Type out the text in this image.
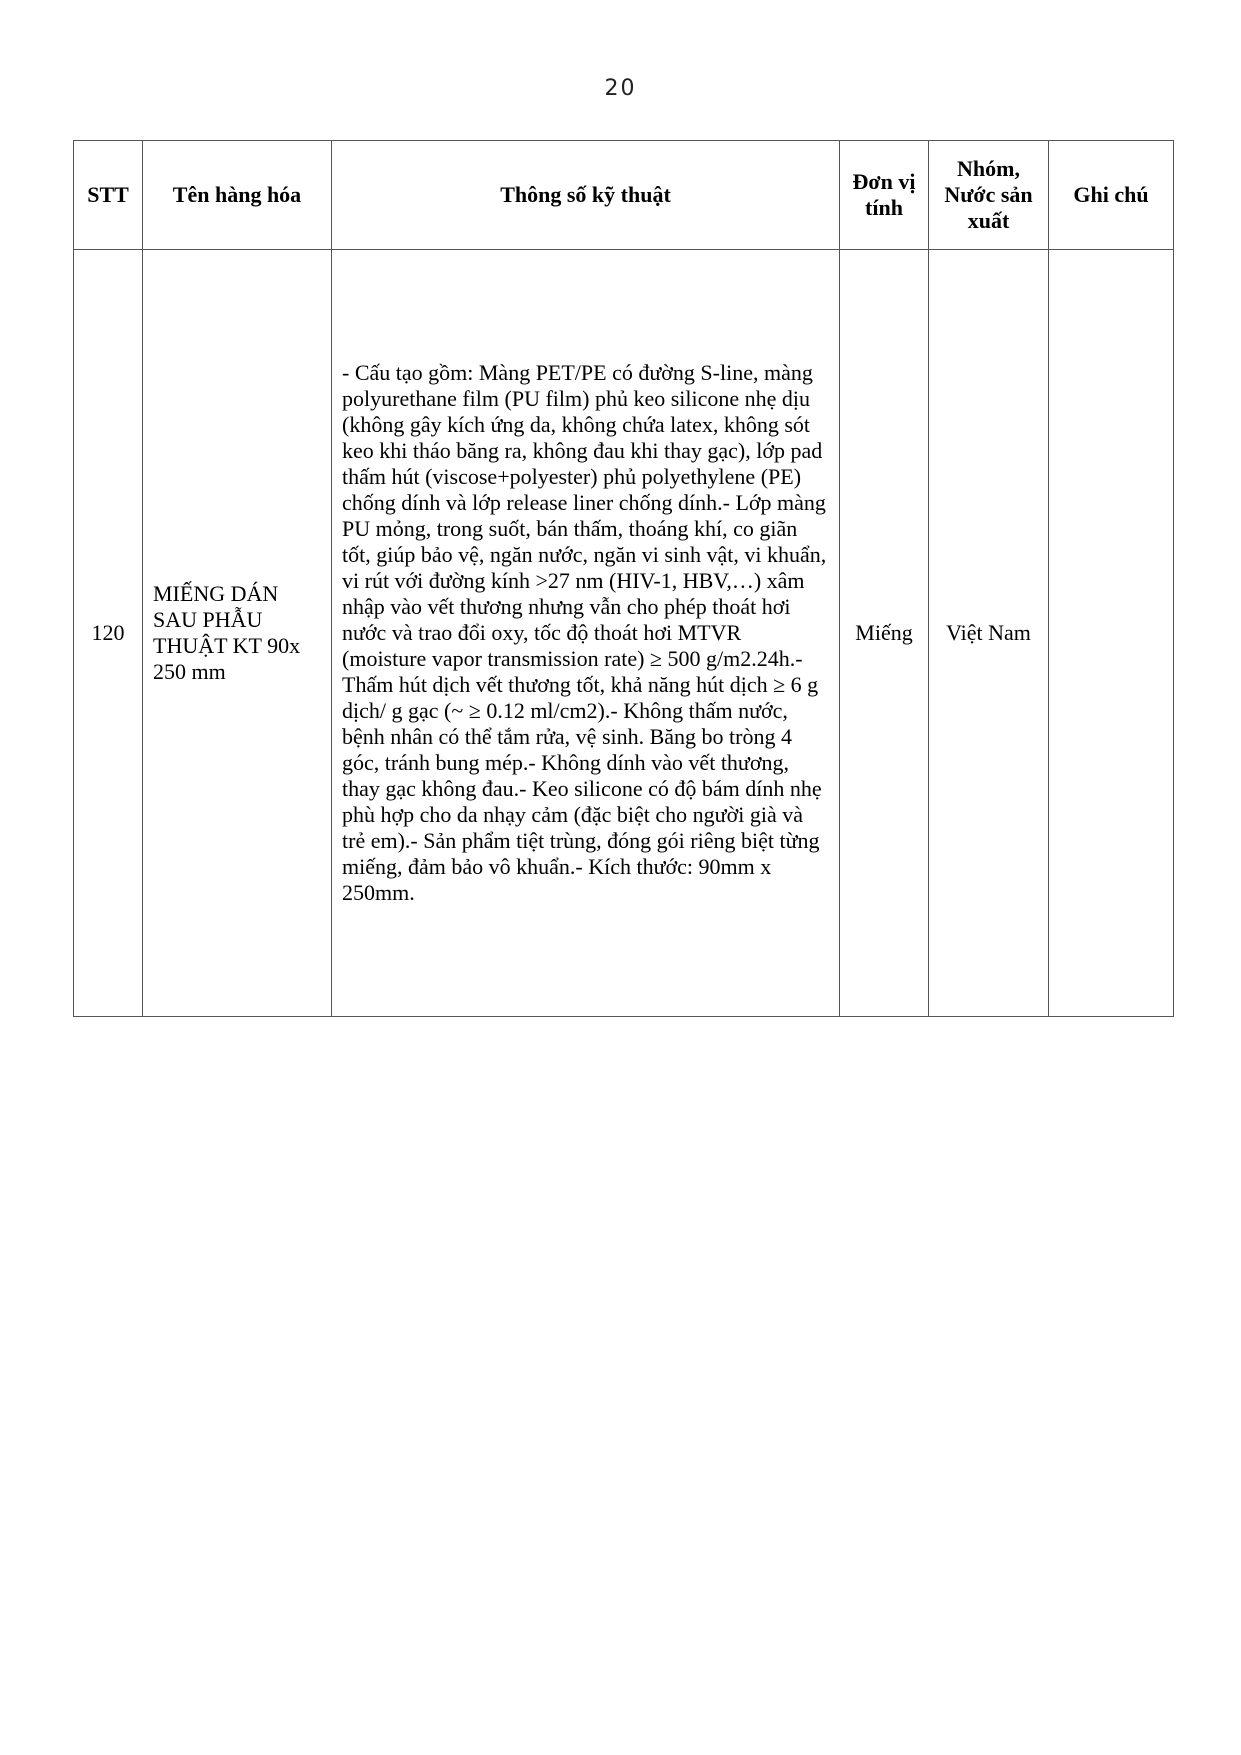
20
STT	Tên hàng hóa	Thông số kỹ thuật	Đơn vị tính	Nhóm, Nước sản xuất	Ghi chú
120	MIẾNG DÁN SAU PHẪU THUẬT KT 90x 250 mm	- Cấu tạo gồm: Màng PET/PE có đường S-line, màng polyurethane film (PU film) phủ keo silicone nhẹ dịu (không gây kích ứng da, không chứa latex, không sót keo khi tháo băng ra, không đau khi thay gạc), lớp pad thấm hút (viscose+polyester) phủ polyethylene (PE) chống dính và lớp release liner chống dính.- Lớp màng PU mỏng, trong suốt, bán thấm, thoáng khí, co giãn tốt, giúp bảo vệ, ngăn nước, ngăn vi sinh vật, vi khuẩn, vi rút với đường kính >27 nm (HIV-1, HBV,…) xâm nhập vào vết thương nhưng vẫn cho phép thoát hơi nước và trao đổi oxy, tốc độ thoát hơi MTVR (moisture vapor transmission rate) ≥ 500 g/m2.24h.- Thấm hút dịch vết thương tốt, khả năng hút dịch ≥ 6 g dịch/ g gạc (~ ≥ 0.12 ml/cm2).- Không thấm nước, bệnh nhân có thể tắm rửa, vệ sinh. Băng bo tròng 4 góc, tránh bung mép.- Không dính vào vết thương, thay gạc không đau.- Keo silicone có độ bám dính nhẹ phù hợp cho da nhạy cảm (đặc biệt cho người già và trẻ em).- Sản phẩm tiệt trùng, đóng gói riêng biệt từng miếng, đảm bảo vô khuẩn.- Kích thước: 90mm x 250mm.	Miếng	Việt Nam	
